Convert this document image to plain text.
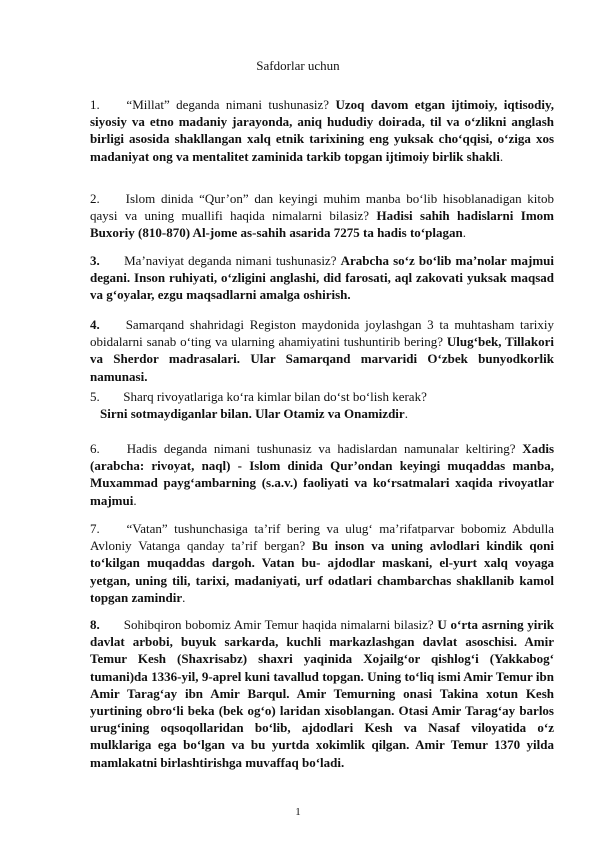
Safdorlar uchun

1. “Millat” deganda nimani tushunasiz? Uzoq davom etgan ijtimoiy, iqtisodiy, siyosiy va etno madaniy jarayonda, aniq hududiy doirada, til va o‘zlikni anglash birligi asosida shakllangan xalq etnik tarixining eng yuksak cho‘qqisi, o‘ziga xos madaniyat ong va mentalitet zaminida tarkib topgan ijtimoiy birlik shakli.

2. Islom dinida “Qur’on” dan keyingi muhim manba bo‘lib hisoblanadigan kitob qaysi va uning muallifi haqida nimalarni bilasiz? Hadisi sahih hadislarni Imom Buxoriy (810-870) Al-jome as-sahih asarida 7275 ta hadis to‘plagan.

3. Ma’naviyat deganda nimani tushunasiz? Arabcha so‘z bo‘lib ma’nolar majmui degani. Inson ruhiyati, o‘zligini anglashi, did farosati, aql zakovati yuksak maqsad va g‘oyalar, ezgu maqsadlarni amalga oshirish.

4. Samarqand shahridagi Registon maydonida joylashgan 3 ta muhtasham tarixiy obidalarni sanab o‘ting va ularning ahamiyatini tushuntirib bering? Ulug‘bek, Tillakori va Sherdor madrasalari. Ular Samarqand marvaridi O‘zbek bunyodkorlik namunasi.

5. Sharq rivoyatlariga ko‘ra kimlar bilan do‘st bo‘lish kerak?

Sirni sotmaydiganlar bilan. Ular Otamiz va Onamizdir.

6. Hadis deganda nimani tushunasiz va hadislardan namunalar keltiring? Xadis (arabcha: rivoyat, naql) - Islom dinida Qur’ondan keyingi muqaddas manba, Muxammad payg‘ambarning (s.a.v.) faoliyati va ko‘rsatmalari xaqida rivoyatlar majmui.

7. “Vatan” tushunchasiga ta’rif bering va ulug‘ ma’rifatparvar bobomiz Abdulla Avloniy Vatanga qanday ta’rif bergan? Bu inson va uning avlodlari kindik qoni to‘kilgan muqaddas dargoh. Vatan bu- ajdodlar maskani, el-yurt xalq voyaga yetgan, uning tili, tarixi, madaniyati, urf odatlari chambarchas shakllanib kamol topgan zamindir.

8. Sohibqiron bobomiz Amir Temur haqida nimalarni bilasiz? U o‘rta asrning yirik davlat arbobi, buyuk sarkarda, kuchli markazlashgan davlat asoschisi. Amir Temur Kesh (Shaxrisabz) shaxri yaqinida Xojailg‘or qishlog‘i (Yakkabog‘ tumani)da 1336-yil, 9-aprel kuni tavallud topgan. Uning to‘liq ismi Amir Temur ibn Amir Tarag‘ay ibn Amir Barqul. Amir Temurning onasi Takina xotun Kesh yurtining obro‘li beka (bek og‘o) laridan xisoblangan. Otasi Amir Tarag‘ay barlos urug‘ining oqsoqollaridan bo‘lib, ajdodlari Kesh va Nasaf viloyatida o‘z mulklariga ega bo‘lgan va bu yurtda xokimlik qilgan. Amir Temur 1370 yilda mamlakatni birlashtirishga muvaffaq bo‘ladi.

1
